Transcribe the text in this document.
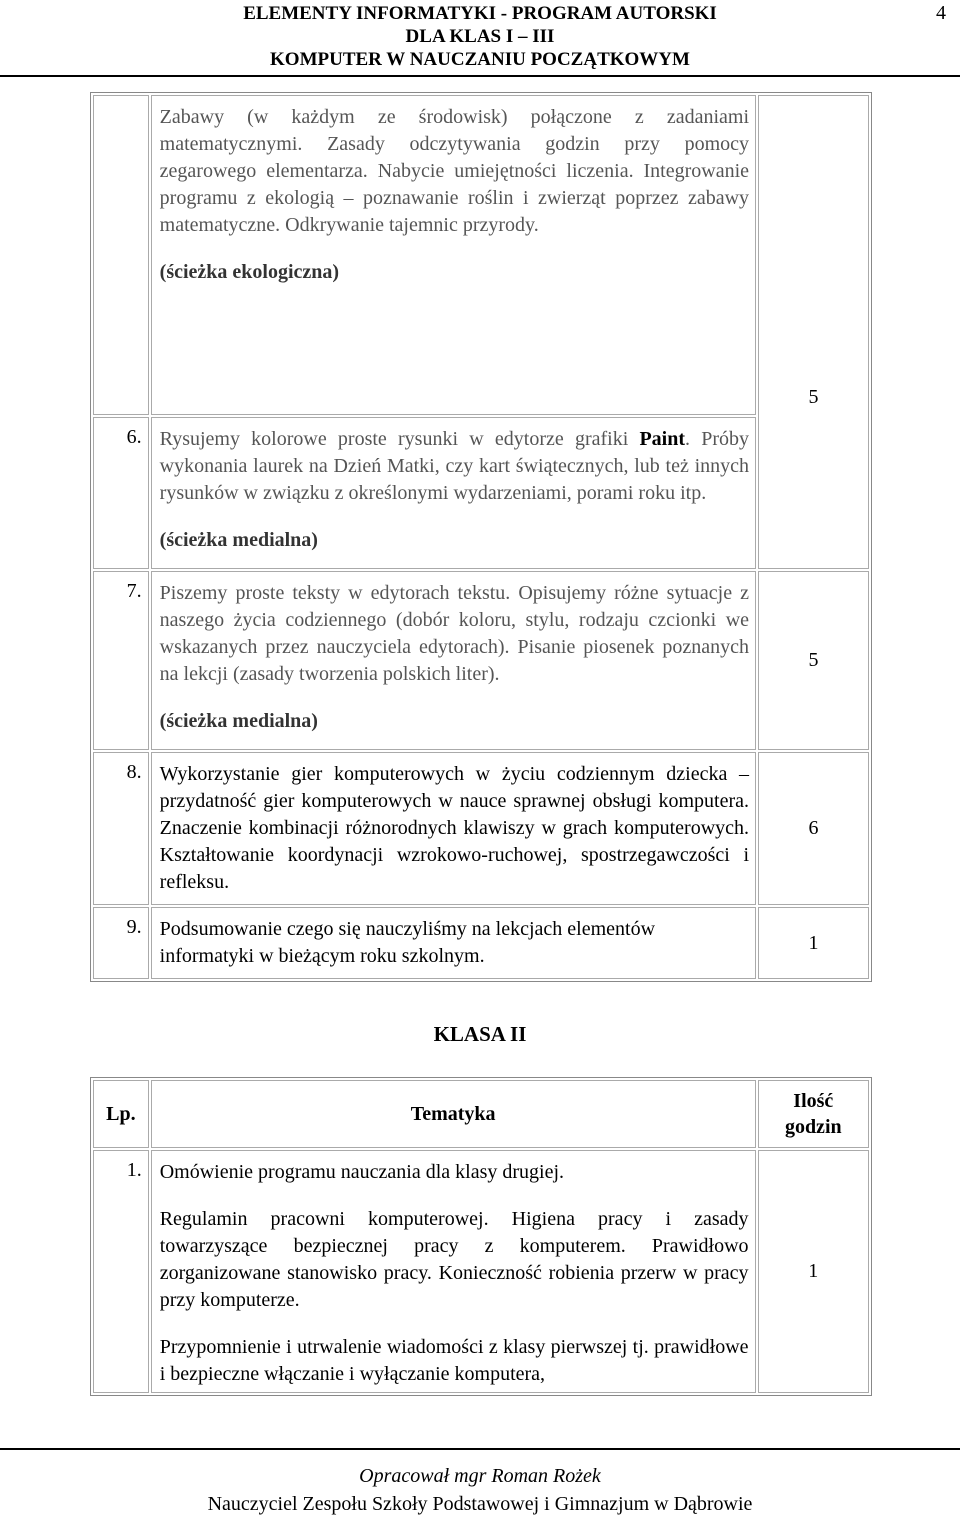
4
ELEMENTY INFORMATYKI - PROGRAM AUTORSKI
DLA KLAS I – III
KOMPUTER W NAUCZANIU POCZĄTKOWYM

	Zabawy (w każdym ze środowisk) połączone z zadaniami matematycznymi. Zasady odczytywania godzin przy pomocy zegarowego elementarza. Nabycie umiejętności liczenia. Integrowanie programu z ekologią – poznawanie roślin i zwierząt poprzez zabawy matematyczne. Odkrywanie tajemnic przyrody.

(ścieżka ekologiczna)	5

6.	Rysujemy kolorowe proste rysunki w edytorze grafiki Paint. Próby wykonania laurek na Dzień Matki, czy kart świątecznych, lub też innych rysunków w związku z określonymi wydarzeniami, porami roku itp.

(ścieżka medialna)	

7.	Piszemy proste teksty w edytorach tekstu. Opisujemy różne sytuacje z naszego życia codziennego (dobór koloru, stylu, rodzaju czcionki we wskazanych przez nauczyciela edytorach). Pisanie piosenek poznanych na lekcji (zasady tworzenia polskich liter).

(ścieżka medialna)	5

8.	Wykorzystanie gier komputerowych w życiu codziennym dziecka – przydatność gier komputerowych w nauce sprawnej obsługi komputera. Znaczenie kombinacji różnorodnych klawiszy w grach komputerowych. Kształtowanie koordynacji wzrokowo-ruchowej, spostrzegawczości i refleksu.	6

9.	Podsumowanie czego się nauczyliśmy na lekcjach elementów informatyki w bieżącym roku szkolnym.	1
KLASA II
Lp.	Tematyka	Ilość
godzin

1.	Omówienie programu nauczania dla klasy drugiej.

Regulamin pracowni komputerowej. Higiena pracy i zasady towarzyszące bezpiecznej pracy z komputerem. Prawidłowo zorganizowane stanowisko pracy. Konieczność robienia przerw w pracy przy komputerze.

Przypomnienie i utrwalenie wiadomości z klasy pierwszej tj. prawidłowe i bezpieczne włączanie i wyłączanie komputera,	1
Opracował mgr Roman Rożek
Nauczyciel Zespołu Szkoły Podstawowej i Gimnazjum w Dąbrowie
